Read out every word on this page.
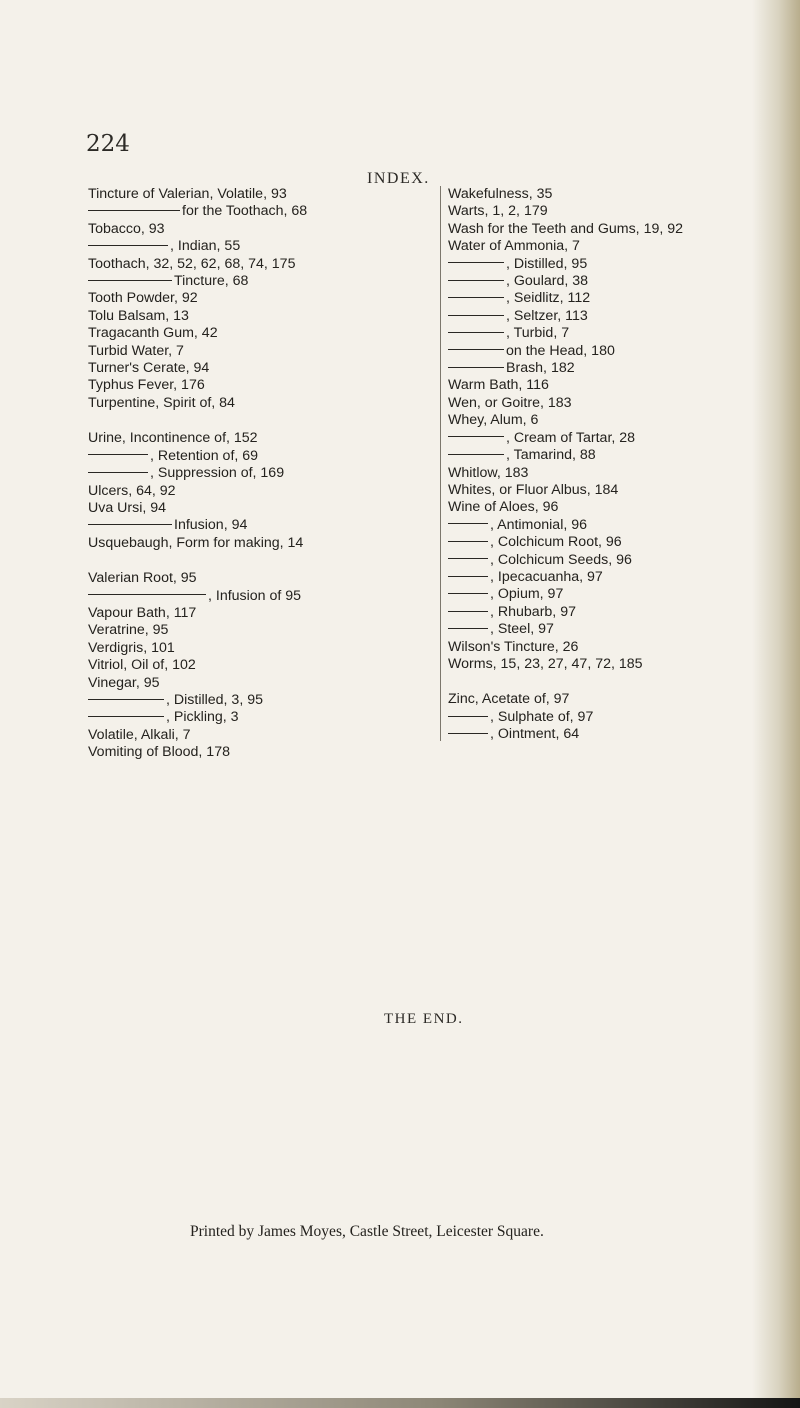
224
INDEX.
Tincture of Valerian, Volatile, 93
for the Toothach, 68
Tobacco, 93
, Indian, 55
Toothach, 32, 52, 62, 68, 74, 175
Tincture, 68
Tooth Powder, 92
Tolu Balsam, 13
Tragacanth Gum, 42
Turbid Water, 7
Turner's Cerate, 94
Typhus Fever, 176
Turpentine, Spirit of, 84
Urine, Incontinence of, 152
, Retention of, 69
, Suppression of, 169
Ulcers, 64, 92
Uva Ursi, 94
Infusion, 94
Usquebaugh, Form for making, 14
Valerian Root, 95
, Infusion of 95
Vapour Bath, 117
Veratrine, 95
Verdigris, 101
Vitriol, Oil of, 102
Vinegar, 95
, Distilled, 3, 95
, Pickling, 3
Volatile, Alkali, 7
Vomiting of Blood, 178
Wakefulness, 35
Warts, 1, 2, 179
Wash for the Teeth and Gums, 19, 92
Water of Ammonia, 7
, Distilled, 95
, Goulard, 38
, Seidlitz, 112
, Seltzer, 113
, Turbid, 7
on the Head, 180
Brash, 182
Warm Bath, 116
Wen, or Goitre, 183
Whey, Alum, 6
, Cream of Tartar, 28
, Tamarind, 88
Whitlow, 183
Whites, or Fluor Albus, 184
Wine of Aloes, 96
, Antimonial, 96
, Colchicum Root, 96
, Colchicum Seeds, 96
, Ipecacuanha, 97
, Opium, 97
, Rhubarb, 97
, Steel, 97
Wilson's Tincture, 26
Worms, 15, 23, 27, 47, 72, 185
Zinc, Acetate of, 97
, Sulphate of, 97
, Ointment, 64
THE END.
Printed by James Moyes, Castle Street, Leicester Square.
